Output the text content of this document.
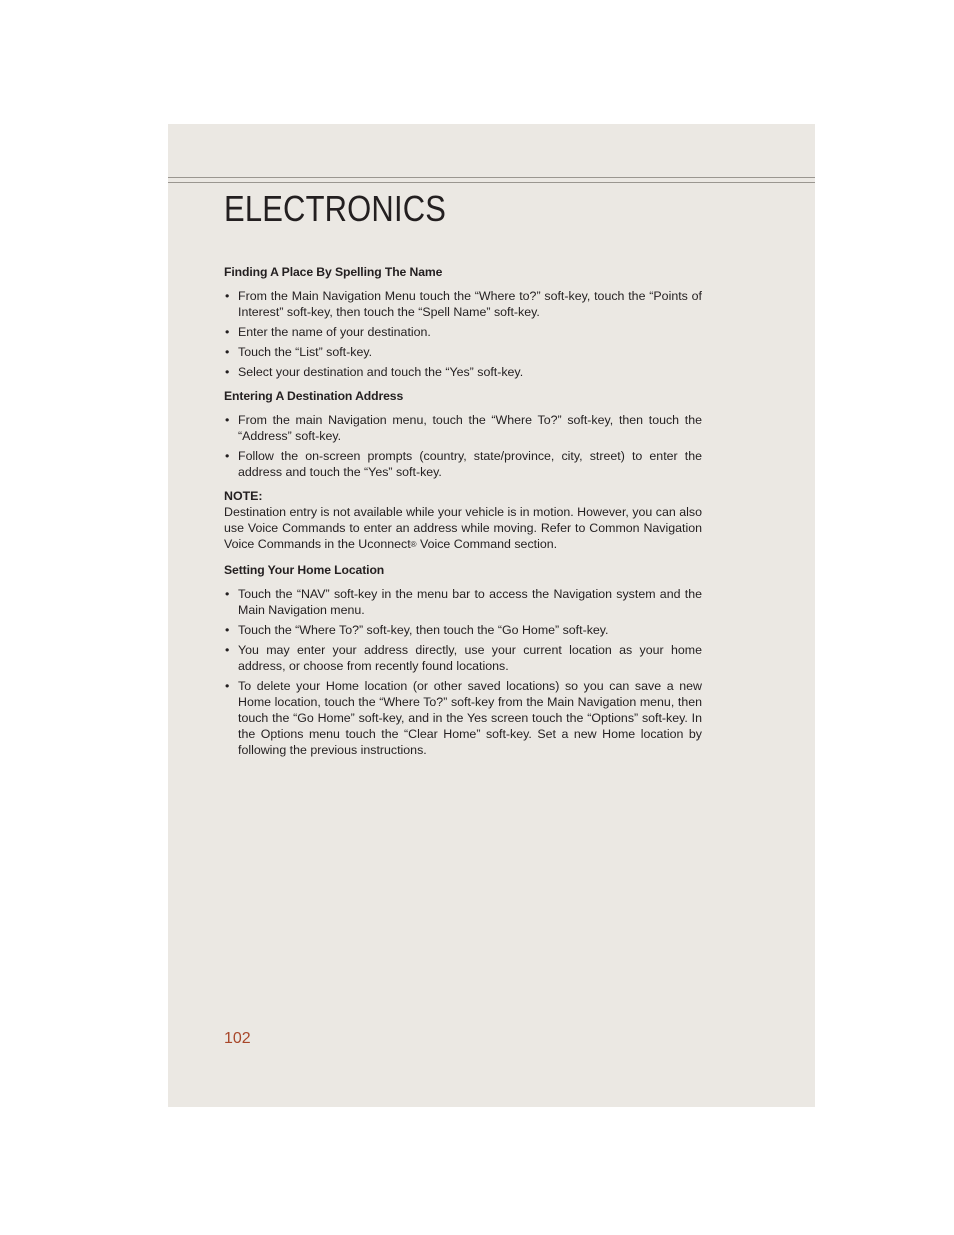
ELECTRONICS
Finding A Place By Spelling The Name
• From the Main Navigation Menu touch the “Where to?” soft-key, touch the “Points of Interest” soft-key, then touch the “Spell Name” soft-key.
• Enter the name of your destination.
• Touch the “List” soft-key.
• Select your destination and touch the “Yes” soft-key.
Entering A Destination Address
• From the main Navigation menu, touch the “Where To?” soft-key, then touch the “Address” soft-key.
• Follow the on-screen prompts (country, state/province, city, street) to enter the address and touch the “Yes” soft-key.
NOTE:
Destination entry is not available while your vehicle is in motion. However, you can also use Voice Commands to enter an address while moving. Refer to Common Navigation Voice Commands in the Uconnect® Voice Command section.
Setting Your Home Location
• Touch the “NAV” soft-key in the menu bar to access the Navigation system and the Main Navigation menu.
• Touch the “Where To?” soft-key, then touch the “Go Home” soft-key.
• You may enter your address directly, use your current location as your home address, or choose from recently found locations.
• To delete your Home location (or other saved locations) so you can save a new Home location, touch the “Where To?” soft-key from the Main Navigation menu, then touch the “Go Home” soft-key, and in the Yes screen touch the “Options” soft-key. In the Options menu touch the “Clear Home” soft-key. Set a new Home location by following the previous instructions.
102
